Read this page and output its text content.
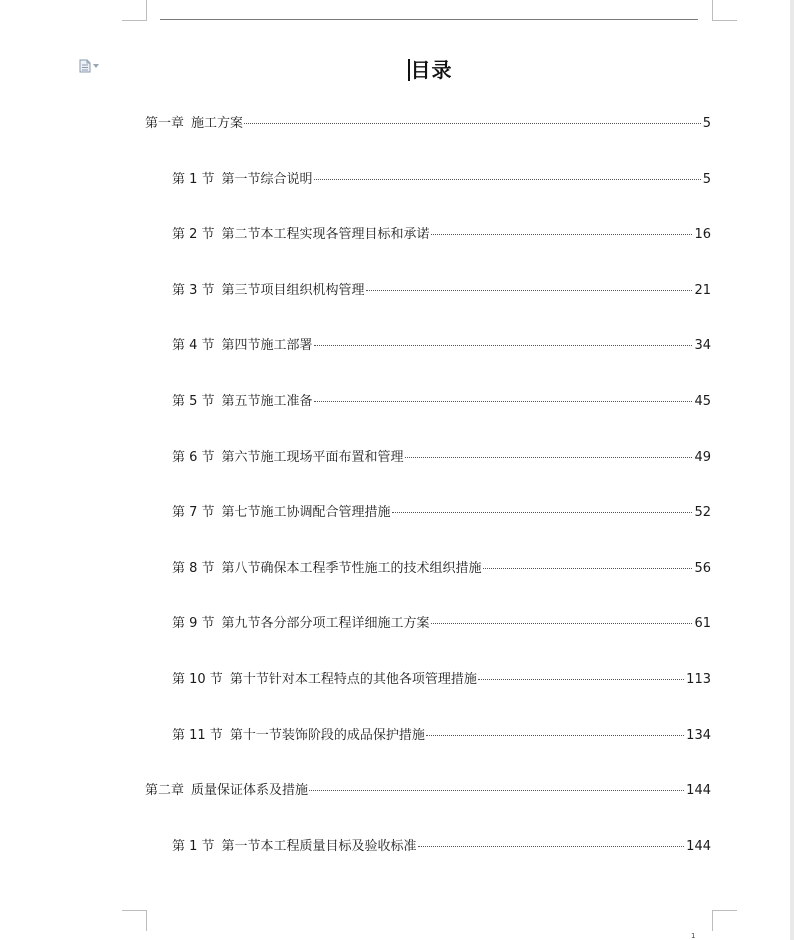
目录
第一章 施工方案	5
第 1 节 第一节综合说明	5
第 2 节 第二节本工程实现各管理目标和承诺	16
第 3 节 第三节项目组织机构管理	21
第 4 节 第四节施工部署	34
第 5 节 第五节施工准备	45
第 6 节 第六节施工现场平面布置和管理	49
第 7 节 第七节施工协调配合管理措施	52
第 8 节 第八节确保本工程季节性施工的技术组织措施	56
第 9 节 第九节各分部分项工程详细施工方案	61
第 10 节 第十节针对本工程特点的其他各项管理措施	113
第 11 节 第十一节装饰阶段的成品保护措施	134
第二章 质量保证体系及措施	144
第 1 节 第一节本工程质量目标及验收标准	144
1
